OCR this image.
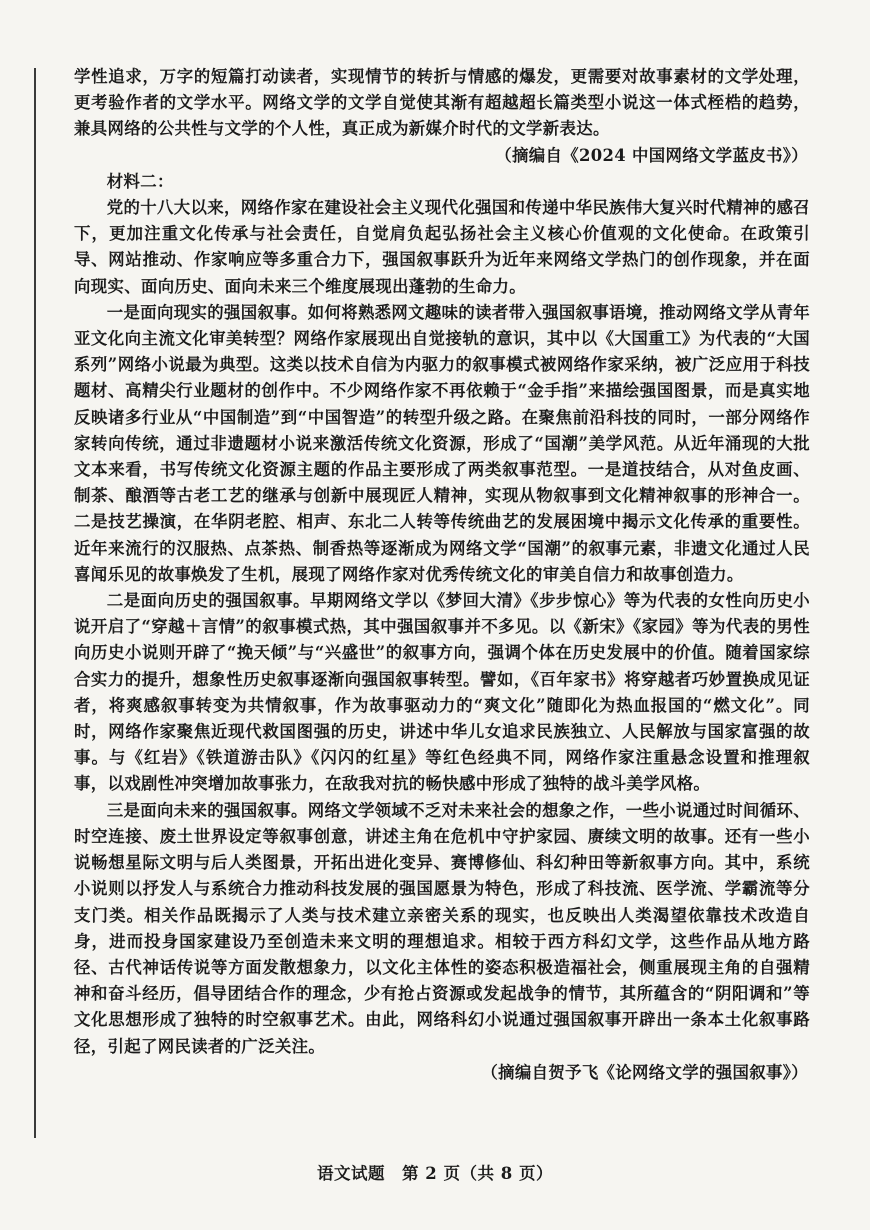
学性追求，万字的短篇打动读者，实现情节的转折与情感的爆发，更需要对故事素材的文学处理，更考验作者的文学水平。网络文学的文学自觉使其渐有超越超长篇类型小说这一体式桎梏的趋势，兼具网络的公共性与文学的个人性，真正成为新媒介时代的文学新表达。

（摘编自《2024 中国网络文学蓝皮书》）

材料二：

党的十八大以来，网络作家在建设社会主义现代化强国和传递中华民族伟大复兴时代精神的感召下，更加注重文化传承与社会责任，自觉肩负起弘扬社会主义核心价值观的文化使命。在政策引导、网站推动、作家响应等多重合力下，强国叙事跃升为近年来网络文学热门的创作现象，并在面向现实、面向历史、面向未来三个维度展现出蓬勃的生命力。

一是面向现实的强国叙事。如何将熟悉网文趣味的读者带入强国叙事语境，推动网络文学从青年亚文化向主流文化审美转型？网络作家展现出自觉接轨的意识，其中以《大国重工》为代表的“大国系列”网络小说最为典型。这类以技术自信为内驱力的叙事模式被网络作家采纳，被广泛应用于科技题材、高精尖行业题材的创作中。不少网络作家不再依赖于“金手指”来描绘强国图景，而是真实地反映诸多行业从“中国制造”到“中国智造”的转型升级之路。在聚焦前沿科技的同时，一部分网络作家转向传统，通过非遗题材小说来激活传统文化资源，形成了“国潮”美学风范。从近年涌现的大批文本来看，书写传统文化资源主题的作品主要形成了两类叙事范型。一是道技结合，从对鱼皮画、制茶、酿酒等古老工艺的继承与创新中展现匠人精神，实现从物叙事到文化精神叙事的形神合一。二是技艺操演，在华阴老腔、相声、东北二人转等传统曲艺的发展困境中揭示文化传承的重要性。近年来流行的汉服热、点茶热、制香热等逐渐成为网络文学“国潮”的叙事元素，非遗文化通过人民喜闻乐见的故事焕发了生机，展现了网络作家对优秀传统文化的审美自信力和故事创造力。

二是面向历史的强国叙事。早期网络文学以《梦回大清》《步步惊心》等为代表的女性向历史小说开启了“穿越＋言情”的叙事模式热，其中强国叙事并不多见。以《新宋》《家园》等为代表的男性向历史小说则开辟了“挽天倾”与“兴盛世”的叙事方向，强调个体在历史发展中的价值。随着国家综合实力的提升，想象性历史叙事逐渐向强国叙事转型。譬如，《百年家书》将穿越者巧妙置换成见证者，将爽感叙事转变为共情叙事，作为故事驱动力的“爽文化”随即化为热血报国的“燃文化”。同时，网络作家聚焦近现代救国图强的历史，讲述中华儿女追求民族独立、人民解放与国家富强的故事。与《红岩》《铁道游击队》《闪闪的红星》等红色经典不同，网络作家注重悬念设置和推理叙事，以戏剧性冲突增加故事张力，在敌我对抗的畅快感中形成了独特的战斗美学风格。

三是面向未来的强国叙事。网络文学领域不乏对未来社会的想象之作，一些小说通过时间循环、时空连接、废土世界设定等叙事创意，讲述主角在危机中守护家园、赓续文明的故事。还有一些小说畅想星际文明与后人类图景，开拓出进化变异、赛博修仙、科幻种田等新叙事方向。其中，系统小说则以抒发人与系统合力推动科技发展的强国愿景为特色，形成了科技流、医学流、学霸流等分支门类。相关作品既揭示了人类与技术建立亲密关系的现实，也反映出人类渴望依靠技术改造自身，进而投身国家建设乃至创造未来文明的理想追求。相较于西方科幻文学，这些作品从地方路径、古代神话传说等方面发散想象力，以文化主体性的姿态积极造福社会，侧重展现主角的自强精神和奋斗经历，倡导团结合作的理念，少有抢占资源或发起战争的情节，其所蕴含的“阴阳调和”等文化思想形成了独特的时空叙事艺术。由此，网络科幻小说通过强国叙事开辟出一条本土化叙事路径，引起了网民读者的广泛关注。

（摘编自贺予飞《论网络文学的强国叙事》）

语文试题　第 2 页（共 8 页）
